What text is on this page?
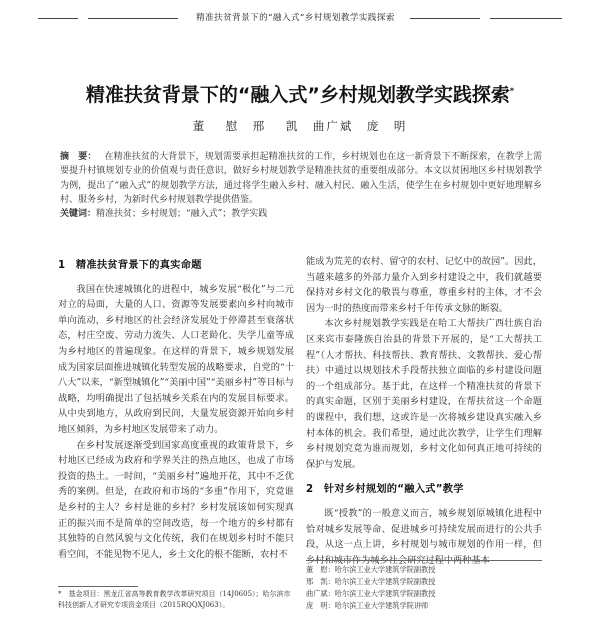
精准扶贫背景下的“融入式”乡村规划教学实践探索
精准扶贫背景下的“融入式”乡村规划教学实践探索*
董 慰　邢 凯　曲广斌　庞　明
摘　要： 在精准扶贫的大背景下，规划需要承担起精准扶贫的工作，乡村规划也在这一新背景下不断探索，在教学上需要提升村镇规划专业的价值观与责任意识，做好乡村规划教学是精准扶贫的重要组成部分。本文以贫困地区乡村规划教学为例，提出了“融入式”的规划教学方法，通过将学生融入乡村、融入村民、融入生活，使学生在乡村规划中更好地理解乡村、服务乡村，为新时代乡村规划教学提供借鉴。
关键词：精准扶贫；乡村规划；“融入式”；教学实践
1　精准扶贫背景下的真实命题

我国在快速城镇化的进程中，城乡发展“极化”与二元对立的局面，大量的人口、资源等发展要素向乡村向城市单向流动，乡村地区的社会经济发展处于停滞甚至衰落状态，村庄空废、劳动力流失、人口老龄化、失学儿童等成为乡村地区的普遍现象。在这样的背景下，城乡规划发展成为国家层面推进城镇化转型发展的战略要求，自党的“十八大”以来，“新型城镇化”“美丽中国”“美丽乡村”等目标与战略，均明确提出了包括城乡关系在内的发展目标要求。从中央到地方，从政府到民间，大量发展资源开始向乡村地区倾斜，为乡村地区发展带来了动力。

在乡村发展逐渐受到国家高度重视的政策背景下，乡村地区已经成为政府和学界关注的热点地区，也成了市场投资的热土。一时间，“美丽乡村”遍地开花，其中不乏优秀的案例。但是，在政府和市场的“多重”作用下，究竟谁是乡村的主人？乡村是谁的乡村？乡村发展该如何实现真正的振兴而不是简单的空间改造，每一个地方的乡村都有其独特的自然风貌与文化传统，我们在规划乡村时不能只看空间，不能见物不见人，乡土文化的根不能断，农村不

*　基金项目：黑龙江省高等教育教学改革研究项目（14J0605）；哈尔滨市科技创新人才研究专项资金项目（2015RQQXJ063）。

能成为荒芜的农村、留守的农村、记忆中的故园”。因此，当越来越多的外部力量介入到乡村建设之中，我们就越要保持对乡村文化的敬畏与尊重，尊重乡村的主体，才不会因为一时的热度而带来乡村千年传承文脉的断裂。

本次乡村规划教学实践是在哈工大帮扶广西壮族自治区来宾市泰隆族自治县的背景下开展的，是“工大帮扶工程”（人才帮扶、科技帮扶、教育帮扶、文教帮扶、爱心帮扶）中通过以规划技术手段帮扶独立面临的乡村建设问题的一个组成部分。基于此，在这样一个精准扶贫的背景下的真实命题，区别于美丽乡村建设，在帮扶贫这一个命题的课程中，我们想，这或许是一次将城乡建设真实融入乡村本体的机会。我们希望，通过此次教学，让学生们理解乡村规划究竟为谁而规划，乡村文化如何真正地可持续的保护与发展。

2　针对乡村规划的“融入式”教学

既“授教”的一般意义而言，城乡规划原城镇化进程中恰对城乡发展等命、促进城乡可持续发展而进行的公共手段，从这一点上讲，乡村规划与城市规划的作用一样，但乡村和城市作为城乡社会研究过程中两种基本

董　慰：哈尔滨工业大学建筑学院副教授
邢　凯：哈尔滨工业大学建筑学院副教授
曲广斌：哈尔滨工业大学建筑学院副教授
庞　明：哈尔滨工业大学建筑学院讲师
